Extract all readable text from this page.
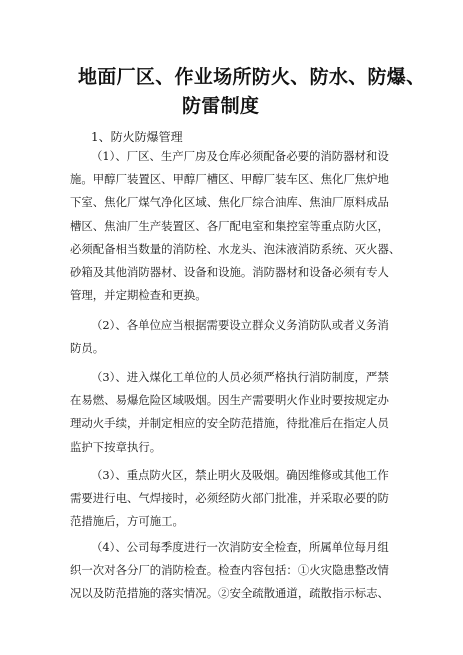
地面厂区、作业场所防火、防水、防爆、
防雷制度
1、防火防爆管理
（1）、厂区、生产厂房及仓库必须配备必要的消防器材和设
施。甲醇厂装置区、甲醇厂槽区、甲醇厂装车区、焦化厂焦炉地
下室、焦化厂煤气净化区域、焦化厂综合油库、焦油厂原料成品
槽区、焦油厂生产装置区、各厂配电室和集控室等重点防火区，
必须配备相当数量的消防栓、水龙头、泡沫液消防系统、灭火器、
砂箱及其他消防器材、设备和设施。消防器材和设备必须有专人
管理，并定期检查和更换。
（2）、各单位应当根据需要设立群众义务消防队或者义务消
防员。
（3）、进入煤化工单位的人员必须严格执行消防制度，严禁
在易燃、易爆危险区域吸烟。因生产需要明火作业时要按规定办
理动火手续，并制定相应的安全防范措施，待批准后在指定人员
监护下按章执行。
（3）、重点防火区，禁止明火及吸烟。确因维修或其他工作
需要进行电、气焊接时，必须经防火部门批准，并采取必要的防
范措施后，方可施工。
（4）、公司每季度进行一次消防安全检查，所属单位每月组
织一次对各分厂的消防检查。检查内容包括：①火灾隐患整改情
况以及防范措施的落实情况。②安全疏散通道，疏散指示标志、
